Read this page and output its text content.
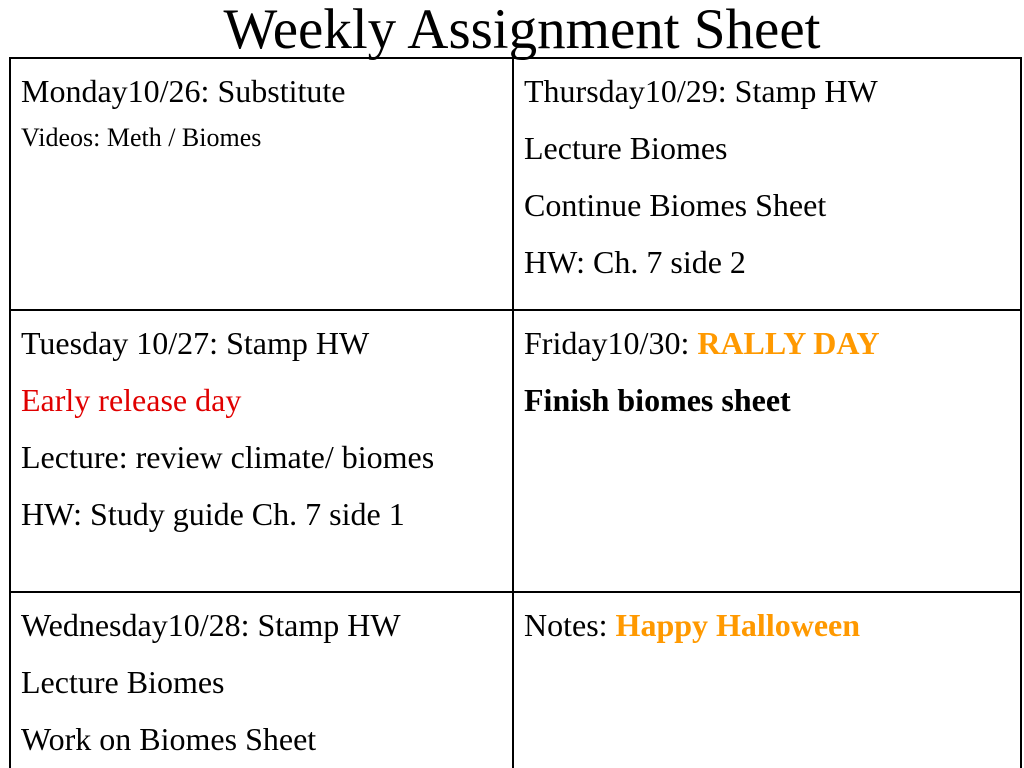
Weekly Assignment Sheet
Monday10/26: Substitute
Videos: Meth / Biomes
Thursday10/29: Stamp HW
Lecture Biomes
Continue Biomes Sheet
HW: Ch. 7 side 2
Tuesday 10/27: Stamp HW
Early release day
Lecture: review climate/ biomes
HW: Study guide Ch. 7 side 1
Friday10/30: RALLY DAY
Finish biomes sheet
Wednesday10/28: Stamp HW
Lecture Biomes
Work on Biomes Sheet
Notes: Happy Halloween
